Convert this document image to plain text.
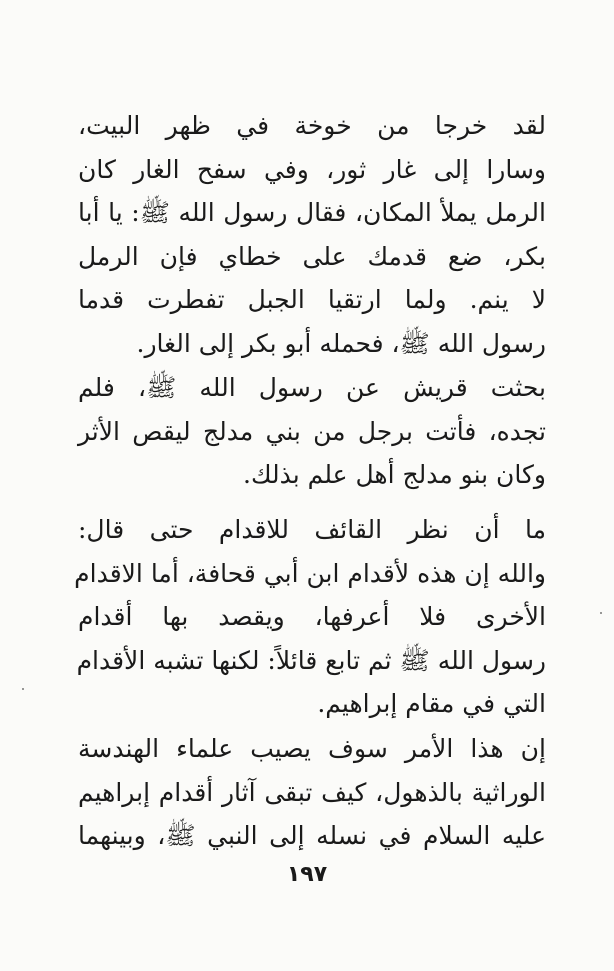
لقد خرجا من خوخة في ظهر البيت،
وسارا إلى غار ثور، وفي سفح الغار كان
الرمل يملأ المكان، فقال رسول الله ﷺ: يا أبا
بكر، ضع قدمك على خطاي فإن الرمل
لا ينم. ولما ارتقيا الجبل تفطرت قدما
رسول الله ﷺ، فحمله أبو بكر إلى الغار.
بحثت قريش عن رسول الله ﷺ، فلم
تجده، فأتت برجل من بني مدلج ليقص الأثر
وكان بنو مدلج أهل علم بذلك.
ما أن نظر القائف للاقدام حتى قال:
والله إن هذه لأقدام ابن أبي قحافة، أما الاقدام
الأخرى فلا أعرفها، ويقصد بها أقدام
رسول الله ﷺ ثم تابع قائلاً: لكنها تشبه الأقدام
التي في مقام إبراهيم.
إن هذا الأمر سوف يصيب علماء الهندسة
الوراثية بالذهول، كيف تبقى آثار أقدام إبراهيم
عليه السلام في نسله إلى النبي ﷺ، وبينهما
١٩٧
